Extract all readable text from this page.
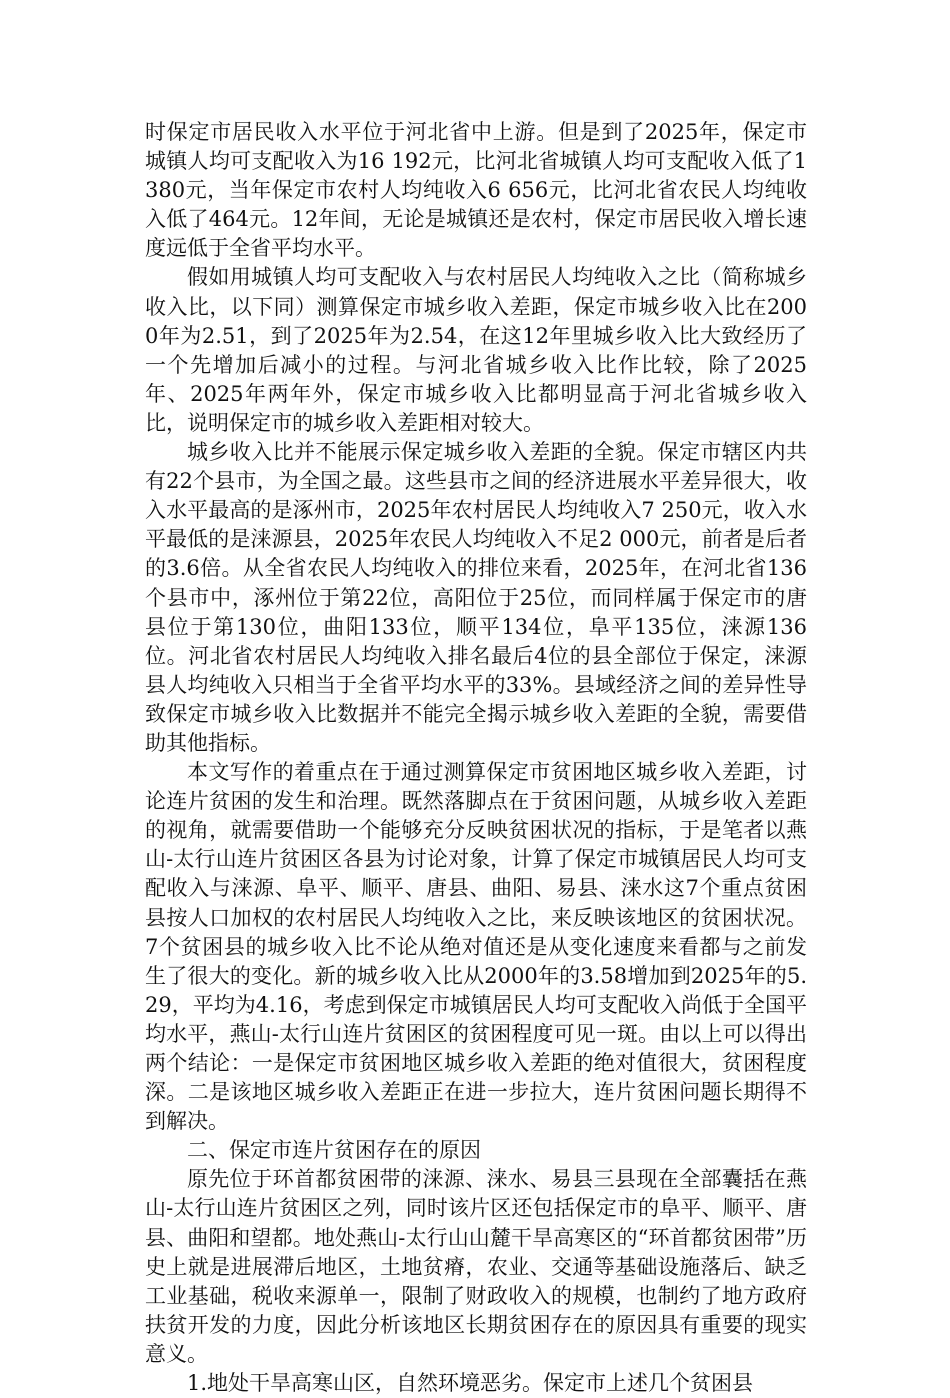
时保定市居民收入水平位于河北省中上游。但是到了2025年，保定市城镇人均可支配收入为16 192元，比河北省城镇人均可支配收入低了1 380元，当年保定市农村人均纯收入6 656元，比河北省农民人均纯收入低了464元。12年间，无论是城镇还是农村，保定市居民收入增长速度远低于全省平均水平。

假如用城镇人均可支配收入与农村居民人均纯收入之比（简称城乡收入比，以下同）测算保定市城乡收入差距，保定市城乡收入比在2000年为2.51，到了2025年为2.54，在这12年里城乡收入比大致经历了一个先增加后减小的过程。与河北省城乡收入比作比较，除了2025年、2025年两年外，保定市城乡收入比都明显高于河北省城乡收入比，说明保定市的城乡收入差距相对较大。

城乡收入比并不能展示保定城乡收入差距的全貌。保定市辖区内共有22个县市，为全国之最。这些县市之间的经济进展水平差异很大，收入水平最高的是涿州市，2025年农村居民人均纯收入7 250元，收入水平最低的是涞源县，2025年农民人均纯收入不足2 000元，前者是后者的3.6倍。从全省农民人均纯收入的排位来看，2025年，在河北省136个县市中，涿州位于第22位，高阳位于25位，而同样属于保定市的唐县位于第130位，曲阳133位，顺平134位，阜平135位，涞源136位。河北省农村居民人均纯收入排名最后4位的县全部位于保定，涞源县人均纯收入只相当于全省平均水平的33%。县域经济之间的差异性导致保定市城乡收入比数据并不能完全揭示城乡收入差距的全貌，需要借助其他指标。

本文写作的着重点在于通过测算保定市贫困地区城乡收入差距，讨论连片贫困的发生和治理。既然落脚点在于贫困问题，从城乡收入差距的视角，就需要借助一个能够充分反映贫困状况的指标，于是笔者以燕山-太行山连片贫困区各县为讨论对象，计算了保定市城镇居民人均可支配收入与涞源、阜平、顺平、唐县、曲阳、易县、涞水这7个重点贫困县按人口加权的农村居民人均纯收入之比，来反映该地区的贫困状况。7个贫困县的城乡收入比不论从绝对值还是从变化速度来看都与之前发生了很大的变化。新的城乡收入比从2000年的3.58增加到2025年的5.29，平均为4.16，考虑到保定市城镇居民人均可支配收入尚低于全国平均水平，燕山-太行山连片贫困区的贫困程度可见一斑。由以上可以得出两个结论：一是保定市贫困地区城乡收入差距的绝对值很大，贫困程度深。二是该地区城乡收入差距正在进一步拉大，连片贫困问题长期得不到解决。

二、保定市连片贫困存在的原因

原先位于环首都贫困带的涞源、涞水、易县三县现在全部囊括在燕山-太行山连片贫困区之列，同时该片区还包括保定市的阜平、顺平、唐县、曲阳和望都。地处燕山-太行山山麓干旱高寒区的“环首都贫困带”历史上就是进展滞后地区，土地贫瘠，农业、交通等基础设施落后、缺乏工业基础，税收来源单一，限制了财政收入的规模，也制约了地方政府扶贫开发的力度，因此分析该地区长期贫困存在的原因具有重要的现实意义。

1.地处干旱高寒山区，自然环境恶劣。保定市上述几个贫困县
